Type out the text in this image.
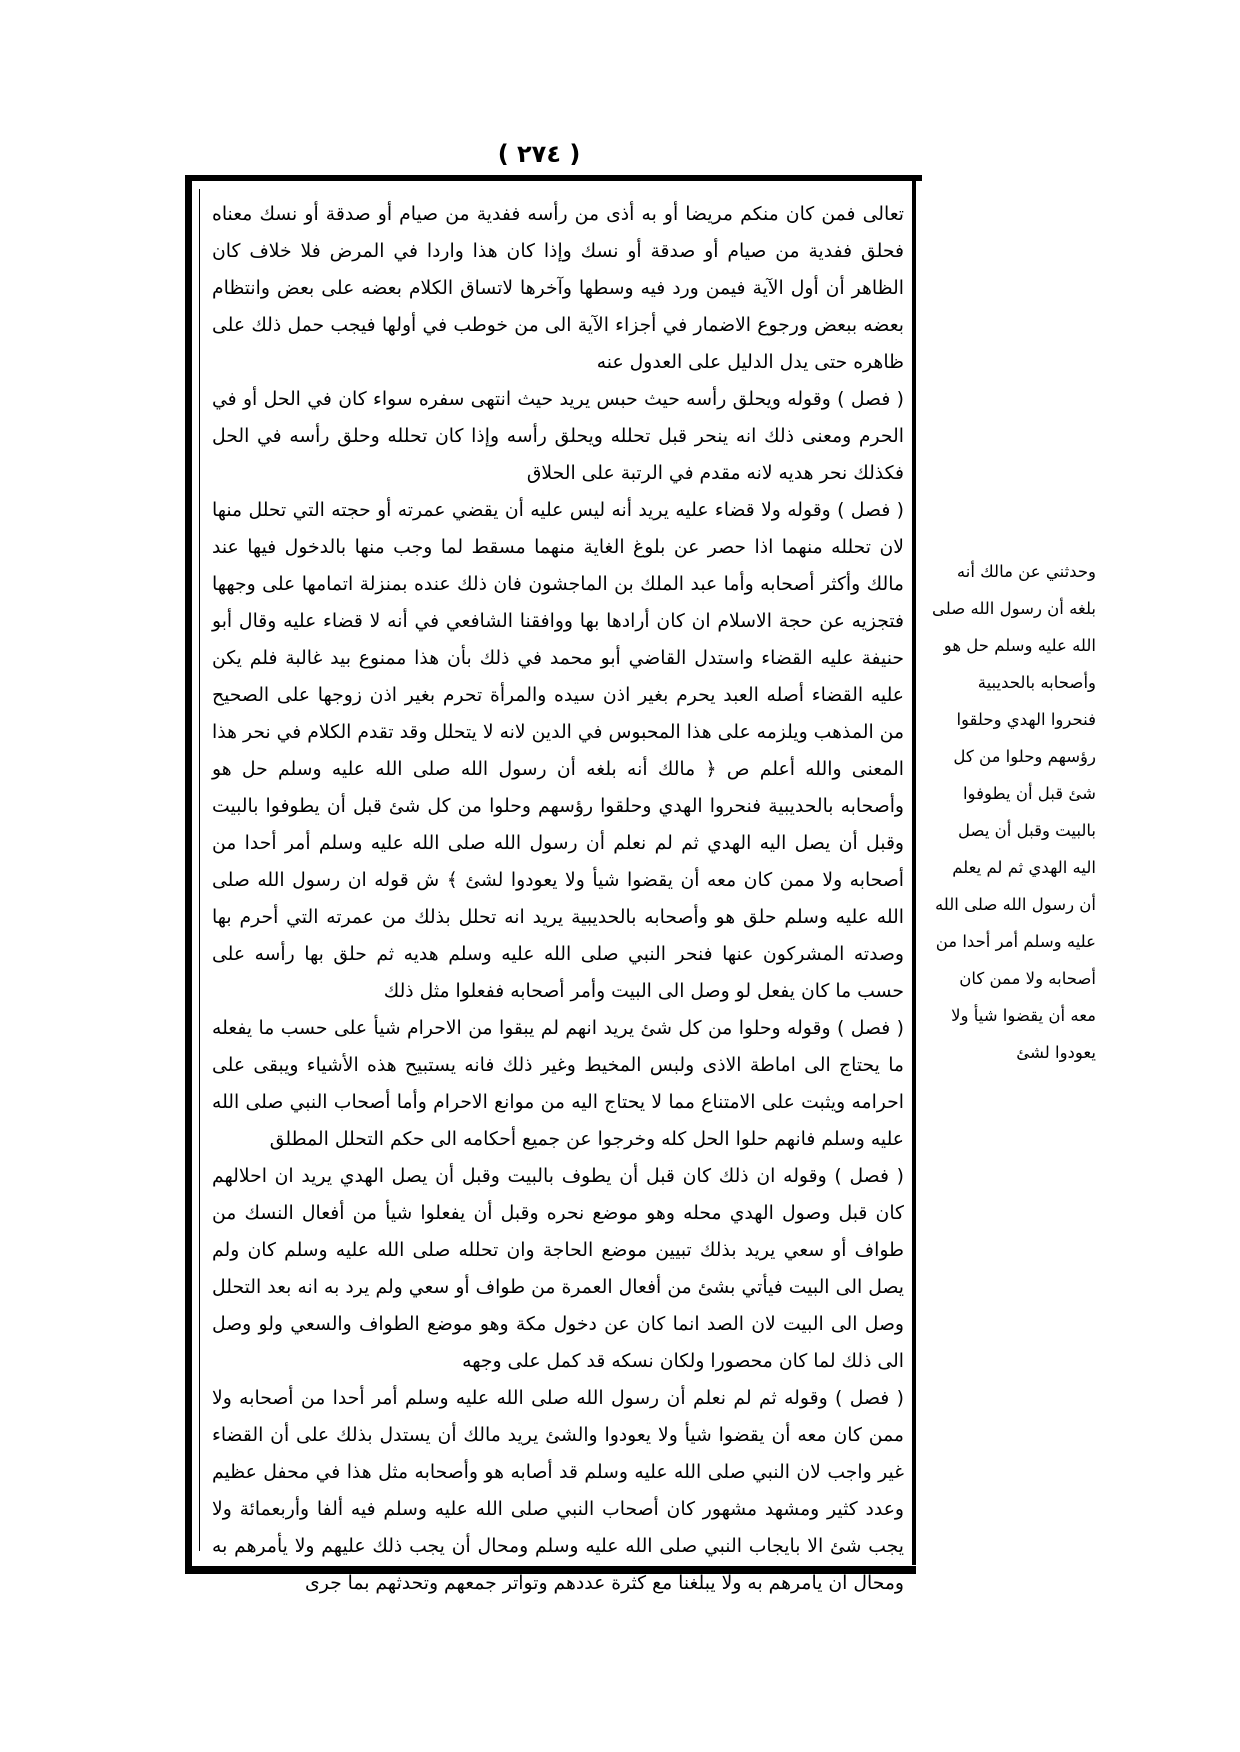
( ٢٧٤ )

تعالى فمن كان منكم مريضا أو به أذى من رأسه ففدية من صيام أو صدقة أو نسك معناه فحلق ففدية من صيام أو صدقة أو نسك وإذا كان هذا واردا في المرض فلا خلاف كان الظاهر أن أول الآية فيمن ورد فيه وسطها وآخرها لاتساق الكلام بعضه على بعض وانتظام بعضه ببعض ورجوع الاضمار في أجزاء الآية الى من خوطب في أولها فيجب حمل ذلك على ظاهره حتى يدل الدليل على العدول عنه

( فصل ) وقوله ويحلق رأسه حيث حبس يريد حيث انتهى سفره سواء كان في الحل أو في الحرم ومعنى ذلك انه ينحر قبل تحلله ويحلق رأسه وإذا كان تحلله وحلق رأسه في الحل فكذلك نحر هديه لانه مقدم في الرتبة على الحلاق

( فصل ) وقوله ولا قضاء عليه يريد أنه ليس عليه أن يقضي عمرته أو حجته التي تحلل منها لان تحلله منهما اذا حصر عن بلوغ الغاية منهما مسقط لما وجب منها بالدخول فيها عند مالك وأكثر أصحابه وأما عبد الملك بن الماجشون فان ذلك عنده بمنزلة اتمامها على وجهها فتجزيه عن حجة الاسلام ان كان أرادها بها ووافقنا الشافعي في أنه لا قضاء عليه وقال أبو حنيفة عليه القضاء واستدل القاضي أبو محمد في ذلك بأن هذا ممنوع بيد غالبة فلم يكن عليه القضاء أصله العبد يحرم بغير اذن سيده والمرأة تحرم بغير اذن زوجها على الصحيح من المذهب ويلزمه على هذا المحبوس في الدين لانه لا يتحلل وقد تقدم الكلام في نحر هذا المعنى والله أعلم ص ﴿ مالك أنه بلغه أن رسول الله صلى الله عليه وسلم حل هو وأصحابه بالحديبية فنحروا الهدي وحلقوا رؤسهم وحلوا من كل شئ قبل أن يطوفوا بالبيت وقبل أن يصل اليه الهدي ثم لم نعلم أن رسول الله صلى الله عليه وسلم أمر أحدا من أصحابه ولا ممن كان معه أن يقضوا شيأ ولا يعودوا لشئ ﴾ ش قوله ان رسول الله صلى الله عليه وسلم حلق هو وأصحابه بالحديبية يريد انه تحلل بذلك من عمرته التي أحرم بها وصدته المشركون عنها فنحر النبي صلى الله عليه وسلم هديه ثم حلق بها رأسه على حسب ما كان يفعل لو وصل الى البيت وأمر أصحابه ففعلوا مثل ذلك

( فصل ) وقوله وحلوا من كل شئ يريد انهم لم يبقوا من الاحرام شيأ على حسب ما يفعله ما يحتاج الى اماطة الاذى ولبس المخيط وغير ذلك فانه يستبيح هذه الأشياء ويبقى على احرامه ويثبت على الامتناع مما لا يحتاج اليه من موانع الاحرام وأما أصحاب النبي صلى الله عليه وسلم فانهم حلوا الحل كله وخرجوا عن جميع أحكامه الى حكم التحلل المطلق

( فصل ) وقوله ان ذلك كان قبل أن يطوف بالبيت وقبل أن يصل الهدي يريد ان احلالهم كان قبل وصول الهدي محله وهو موضع نحره وقبل أن يفعلوا شيأ من أفعال النسك من طواف أو سعي يريد بذلك تبيين موضع الحاجة وان تحلله صلى الله عليه وسلم كان ولم يصل الى البيت فيأتي بشئ من أفعال العمرة من طواف أو سعي ولم يرد به انه بعد التحلل وصل الى البيت لان الصد انما كان عن دخول مكة وهو موضع الطواف والسعي ولو وصل الى ذلك لما كان محصورا ولكان نسكه قد كمل على وجهه

( فصل ) وقوله ثم لم نعلم أن رسول الله صلى الله عليه وسلم أمر أحدا من أصحابه ولا ممن كان معه أن يقضوا شيأ ولا يعودوا والشئ يريد مالك أن يستدل بذلك على أن القضاء غير واجب لان النبي صلى الله عليه وسلم قد أصابه هو وأصحابه مثل هذا في محفل عظيم وعدد كثير ومشهد مشهور كان أصحاب النبي صلى الله عليه وسلم فيه ألفا وأربعمائة ولا يجب شئ الا بايجاب النبي صلى الله عليه وسلم ومحال أن يجب ذلك عليهم ولا يأمرهم به ومحال أن يأمرهم به ولا يبلغنا مع كثرة عددهم وتواتر جمعهم وتحدثهم بما جرى

وحدثني عن مالك أنه بلغه أن رسول الله صلى الله عليه وسلم حل هو وأصحابه بالحديبية فنحروا الهدي وحلقوا رؤسهم وحلوا من كل شئ قبل أن يطوفوا بالبيت وقبل أن يصل اليه الهدي ثم لم يعلم أن رسول الله صلى الله عليه وسلم أمر أحدا من أصحابه ولا ممن كان معه أن يقضوا شيأ ولا يعودوا لشئ
